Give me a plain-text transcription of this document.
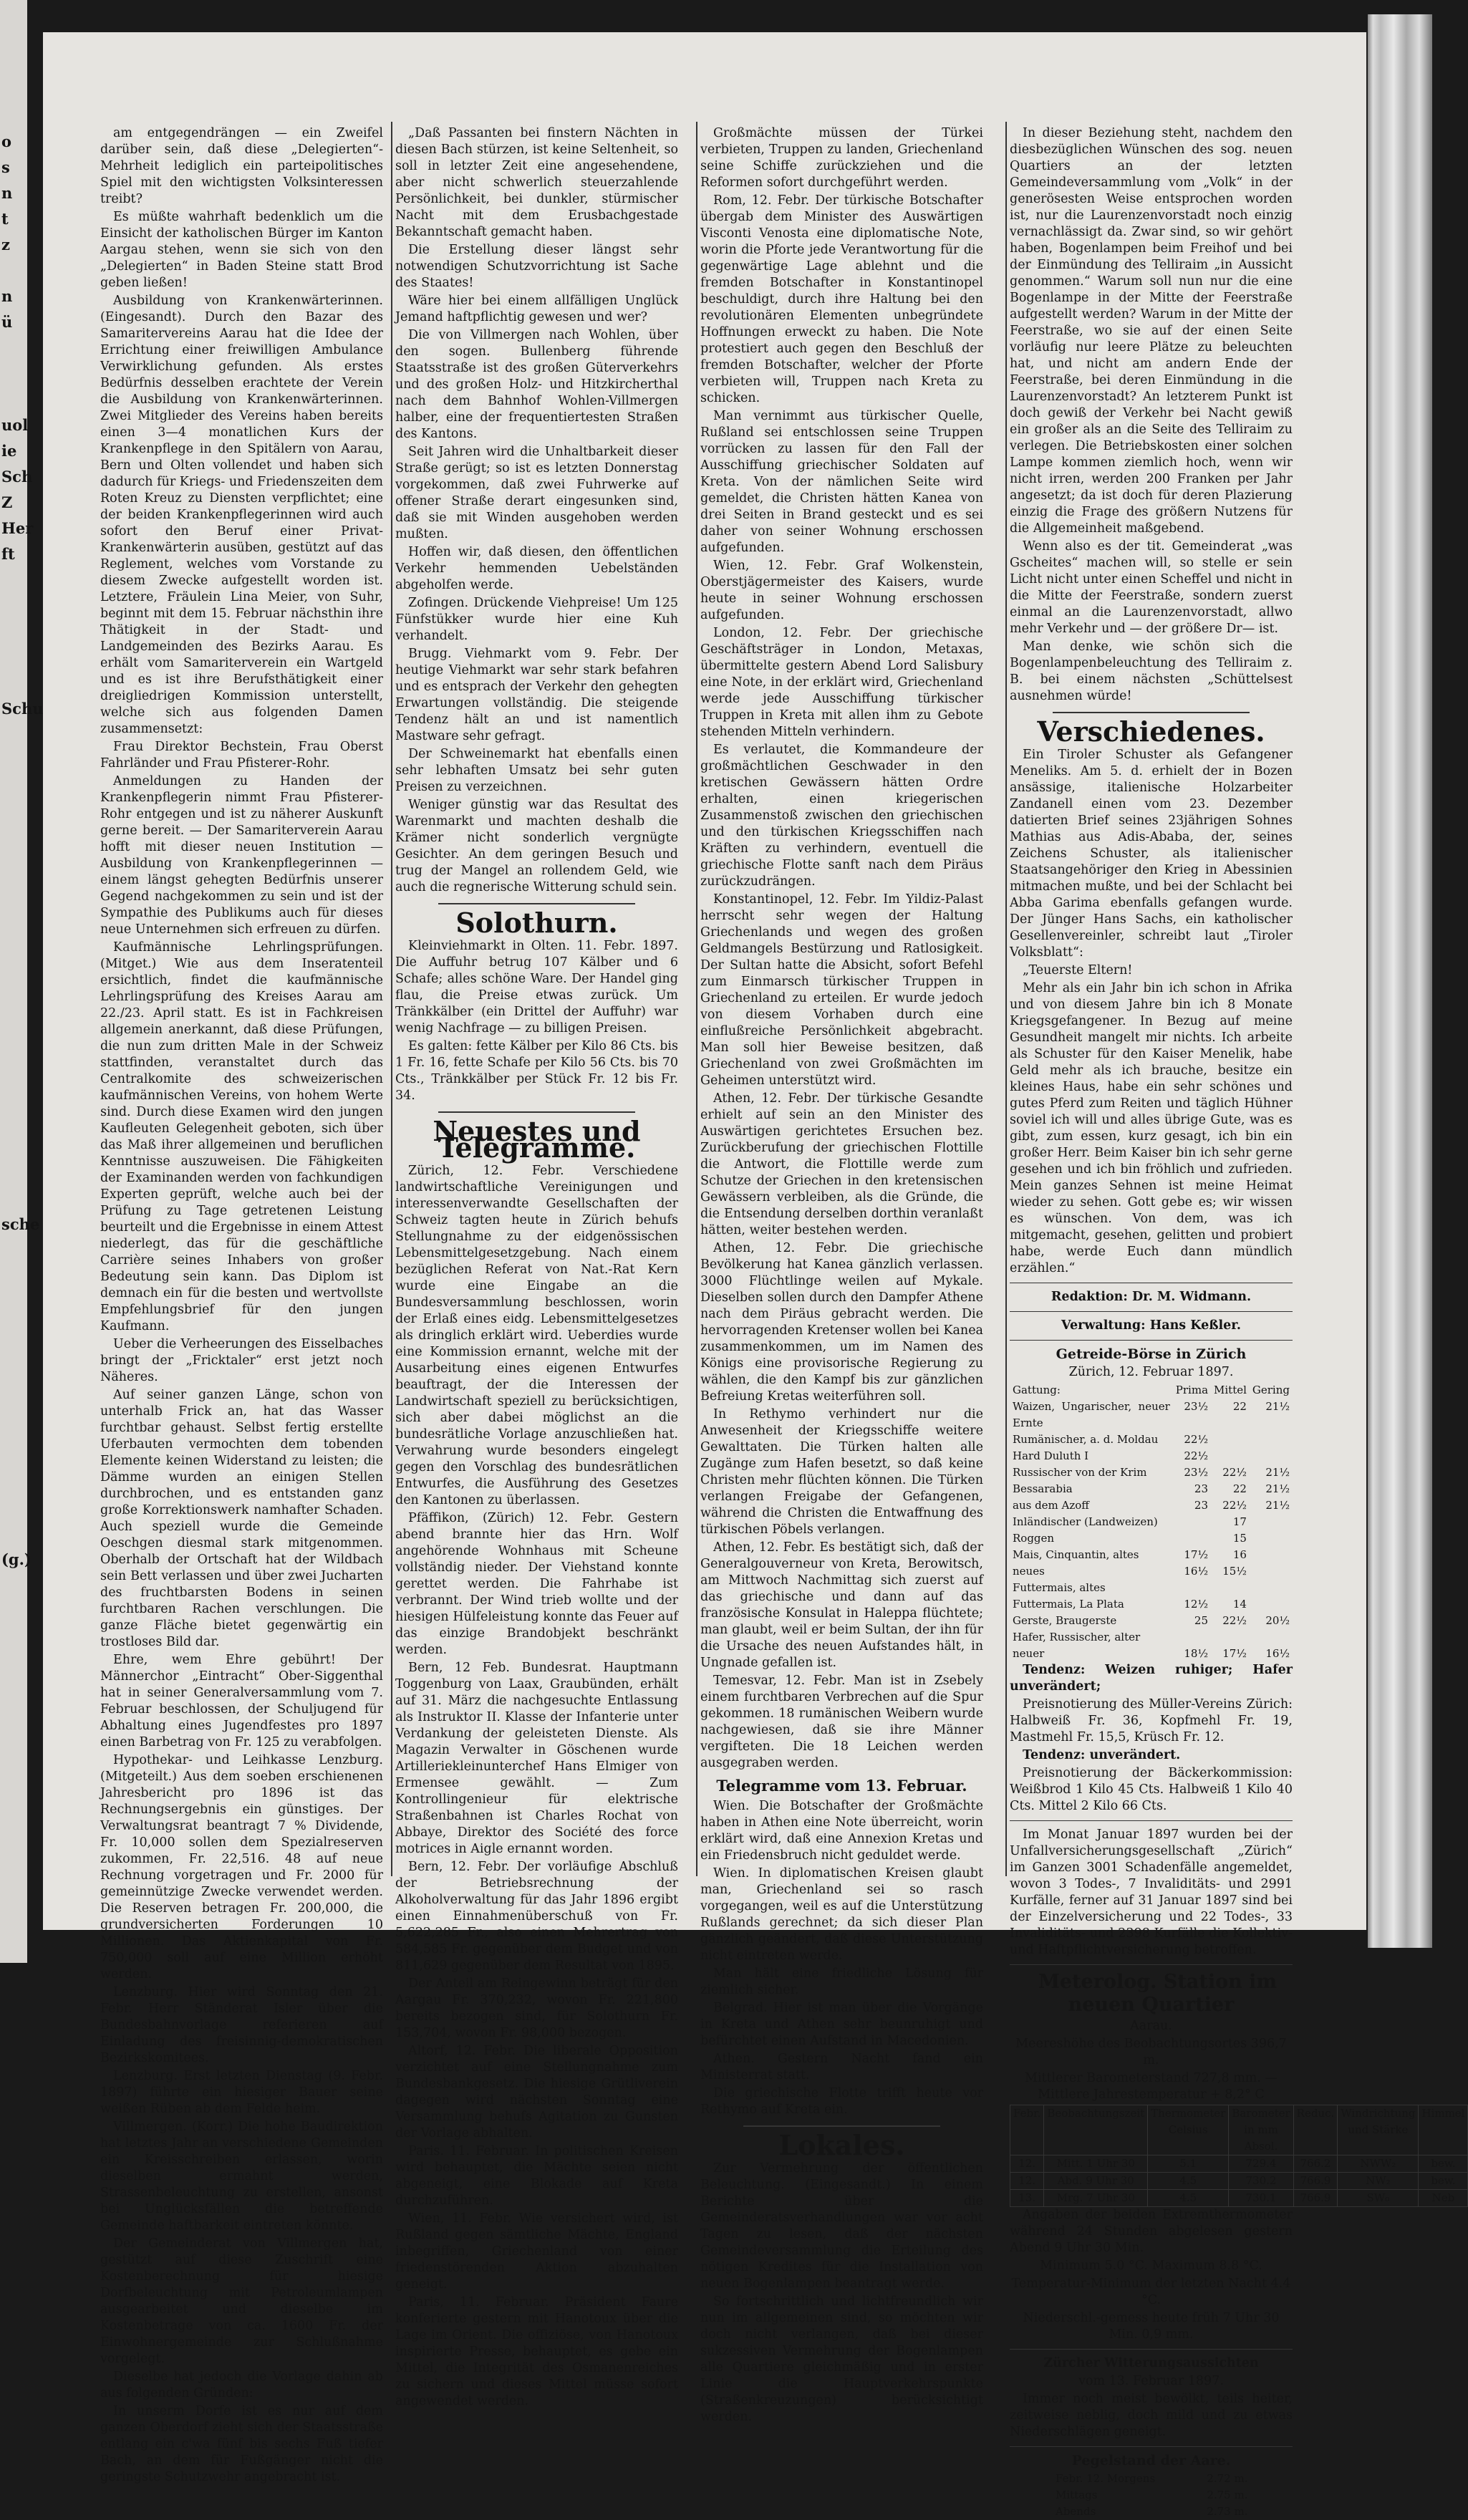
o
s
n
t
z

n
ü

uol
ie
Sch
Z
Her
ft

Schu

sche

(g.)

am entgegendrängen — ein Zweifel darüber sein, daß diese „Delegierten“-Mehrheit lediglich ein parteipolitisches Spiel mit den wichtigsten Volksinteressen treibt?

Es müßte wahrhaft bedenklich um die Einsicht der katholischen Bürger im Kanton Aargau stehen, wenn sie sich von den „Delegierten“ in Baden Steine statt Brod geben ließen!

Ausbildung von Krankenwärterinnen. (Eingesandt). Durch den Bazar des Samaritervereins Aarau hat die Idee der Errichtung einer freiwilligen Ambulance Verwirklichung gefunden. Als erstes Bedürfnis desselben erachtete der Verein die Ausbildung von Krankenwärterinnen. Zwei Mitglieder des Vereins haben bereits einen 3—4 monatlichen Kurs der Krankenpflege in den Spitälern von Aarau, Bern und Olten vollendet und haben sich dadurch für Kriegs- und Friedenszeiten dem Roten Kreuz zu Diensten verpflichtet; eine der beiden Krankenpflegerinnen wird auch sofort den Beruf einer Privat-Krankenwärterin ausüben, gestützt auf das Reglement, welches vom Vorstande zu diesem Zwecke aufgestellt worden ist. Letztere, Fräulein Lina Meier, von Suhr, beginnt mit dem 15. Februar nächsthin ihre Thätigkeit in der Stadt- und Landgemeinden des Bezirks Aarau. Es erhält vom Samariterverein ein Wartgeld und es ist ihre Berufsthätigkeit einer dreigliedrigen Kommission unterstellt, welche sich aus folgenden Damen zusammensetzt:

Frau Direktor Bechstein, Frau Oberst Fahrländer und Frau Pfisterer-Rohr.

Anmeldungen zu Handen der Krankenpflegerin nimmt Frau Pfisterer-Rohr entgegen und ist zu näherer Auskunft gerne bereit. — Der Samariterverein Aarau hofft mit dieser neuen Institution — Ausbildung von Krankenpflegerinnen — einem längst gehegten Bedürfnis unserer Gegend nachgekommen zu sein und ist der Sympathie des Publikums auch für dieses neue Unternehmen sich erfreuen zu dürfen.

Kaufmännische Lehrlingsprüfungen. (Mitget.) Wie aus dem Inseratenteil ersichtlich, findet die kaufmännische Lehrlingsprüfung des Kreises Aarau am 22./23. April statt. Es ist in Fachkreisen allgemein anerkannt, daß diese Prüfungen, die nun zum dritten Male in der Schweiz stattfinden, veranstaltet durch das Centralkomite des schweizerischen kaufmännischen Vereins, von hohem Werte sind. Durch diese Examen wird den jungen Kaufleuten Gelegenheit geboten, sich über das Maß ihrer allgemeinen und beruflichen Kenntnisse auszuweisen. Die Fähigkeiten der Examinanden werden von fachkundigen Experten geprüft, welche auch bei der Prüfung zu Tage getretenen Leistung beurteilt und die Ergebnisse in einem Attest niederlegt, das für die geschäftliche Carrière seines Inhabers von großer Bedeutung sein kann. Das Diplom ist demnach ein für die besten und wertvollste Empfehlungsbrief für den jungen Kaufmann.

Ueber die Verheerungen des Eisselbaches bringt der „Fricktaler“ erst jetzt noch Näheres.

Auf seiner ganzen Länge, schon von unterhalb Frick an, hat das Wasser furchtbar gehaust. Selbst fertig erstellte Uferbauten vermochten dem tobenden Elemente keinen Widerstand zu leisten; die Dämme wurden an einigen Stellen durchbrochen, und es entstanden ganz große Korrektionswerk namhafter Schaden. Auch speziell wurde die Gemeinde Oeschgen diesmal stark mitgenommen. Oberhalb der Ortschaft hat der Wildbach sein Bett verlassen und über zwei Jucharten des fruchtbarsten Bodens in seinen furchtbaren Rachen verschlungen. Die ganze Fläche bietet gegenwärtig ein trostloses Bild dar.

Ehre, wem Ehre gebührt! Der Männerchor „Eintracht“ Ober-Siggenthal hat in seiner Generalversammlung vom 7. Februar beschlossen, der Schuljugend für Abhaltung eines Jugendfestes pro 1897 einen Barbetrag von Fr. 125 zu verabfolgen.

Hypothekar- und Leihkasse Lenzburg. (Mitgeteilt.) Aus dem soeben erschienenen Jahresbericht pro 1896 ist das Rechnungsergebnis ein günstiges. Der Verwaltungsrat beantragt 7 % Dividende, Fr. 10,000 sollen dem Spezialreserven zukommen, Fr. 22,516. 48 auf neue Rechnung vorgetragen und Fr. 2000 für gemeinnützige Zwecke verwendet werden. Die Reserven betragen Fr. 200,000, die grundversicherten Forderungen 10 Millionen. Das Aktienkapital von Fr. 750,000 soll auf eine Million erhöht werden.

Lenzburg. Hier wird Sonntag den 21. Febr. Herr Ständerat Isler über die Bundesbahnvorlage referieren auf Einladung des freisinnig-demokratischen Bezirkskomitees.

Lenzburg. Erst letzten Dienstag (9. Febr. 1897) führte ein hiesiger Bauer seine weißen Rüben ab dem Felde heim.

Villmergen. (Korr.) Die hohe Baudirektion hat letztes Jahr an verschiedene Gemeinden ein Kreisschreiben erlassen, worin dieselben ermahnt werden, Strassenbeleuchtung zu erstellen, ansonst bei Unglücksfällen die betreffende Gemeinde haftbarkeit eintreten könnte.

Der Gemeinderat von Villmergen hat, gestützt auf diese Zuschrift eine Kostenberechnung für hiesige Dorfbeleuchtung mit Petroleumlampen ausgearbeitet und dieselbe im Kostenbetrage von ca. 1600 Fr. der Einwohnergemeinde zur Schlußnahme vorgelegt.

Dieselbe hat jedoch die Vorlage dahin ab aus folgenden Gründen:

In unserm Dorfe ist es nur auf dem ganzen Oberdorf zieht sich der Staatsstraße entlang ein c'wa fünf bis sechs Fuß tiefer Bach, an dem für Fußgänger nicht die geringste Schutzwehr angebracht ist.

„Daß Passanten bei finstern Nächten in diesen Bach stürzen, ist keine Seltenheit, so soll in letzter Zeit eine angesehendene, aber nicht schwerlich steuerzahlende Persönlichkeit, bei dunkler, stürmischer Nacht mit dem Erusbachgestade Bekanntschaft gemacht haben.

Die Erstellung dieser längst sehr notwendigen Schutzvorrichtung ist Sache des Staates!

Wäre hier bei einem allfälligen Unglück Jemand haftpflichtig gewesen und wer?

Die von Villmergen nach Wohlen, über den sogen. Bullenberg führende Staatsstraße ist des großen Güterverkehrs und des großen Holz- und Hitzkircherthal nach dem Bahnhof Wohlen-Villmergen halber, eine der frequentiertesten Straßen des Kantons.

Seit Jahren wird die Unhaltbarkeit dieser Straße gerügt; so ist es letzten Donnerstag vorgekommen, daß zwei Fuhrwerke auf offener Straße derart eingesunken sind, daß sie mit Winden ausgehoben werden mußten.

Hoffen wir, daß diesen, den öffentlichen Verkehr hemmenden Uebelständen abgeholfen werde.

Zofingen. Drückende Viehpreise! Um 125 Fünfstükker wurde hier eine Kuh verhandelt.

Brugg. Viehmarkt vom 9. Febr. Der heutige Viehmarkt war sehr stark befahren und es entsprach der Verkehr den gehegten Erwartungen vollständig. Die steigende Tendenz hält an und ist namentlich Mastware sehr gefragt.

Der Schweinemarkt hat ebenfalls einen sehr lebhaften Umsatz bei sehr guten Preisen zu verzeichnen.

Weniger günstig war das Resultat des Warenmarkt und machten deshalb die Krämer nicht sonderlich vergnügte Gesichter. An dem geringen Besuch und trug der Mangel an rollendem Geld, wie auch die regnerische Witterung schuld sein.

Solothurn.

Kleinviehmarkt in Olten. 11. Febr. 1897. Die Auffuhr betrug 107 Kälber und 6 Schafe; alles schöne Ware. Der Handel ging flau, die Preise etwas zurück. Um Tränkkälber (ein Drittel der Auffuhr) war wenig Nachfrage — zu billigen Preisen.

Es galten: fette Kälber per Kilo 86 Cts. bis 1 Fr. 16, fette Schafe per Kilo 56 Cts. bis 70 Cts., Tränkkälber per Stück Fr. 12 bis Fr. 34.

Neuestes und Telegramme.

Zürich, 12. Febr. Verschiedene landwirtschaftliche Vereinigungen und interessenverwandte Gesellschaften der Schweiz tagten heute in Zürich behufs Stellungnahme zu der eidgenössischen Lebensmittelgesetzgebung. Nach einem bezüglichen Referat von Nat.-Rat Kern wurde eine Eingabe an die Bundesversammlung beschlossen, worin der Erlaß eines eidg. Lebensmittelgesetzes als dringlich erklärt wird. Ueberdies wurde eine Kommission ernannt, welche mit der Ausarbeitung eines eigenen Entwurfes beauftragt, der die Interessen der Landwirtschaft speziell zu berücksichtigen, sich aber dabei möglichst an die bundesrätliche Vorlage anzuschließen hat. Verwahrung wurde besonders eingelegt gegen den Vorschlag des bundesrätlichen Entwurfes, die Ausführung des Gesetzes den Kantonen zu überlassen.

Pfäffikon, (Zürich) 12. Febr. Gestern abend brannte hier das Hrn. Wolf angehörende Wohnhaus mit Scheune vollständig nieder. Der Viehstand konnte gerettet werden. Die Fahrhabe ist verbrannt. Der Wind trieb wollte und der hiesigen Hülfeleistung konnte das Feuer auf das einzige Brandobjekt beschränkt werden.

Bern, 12 Feb. Bundesrat. Hauptmann Toggenburg von Laax, Graubünden, erhält auf 31. März die nachgesuchte Entlassung als Instruktor II. Klasse der Infanterie unter Verdankung der geleisteten Dienste. Als Magazin Verwalter in Göschenen wurde Artilleriekleinunterchef Hans Elmiger von Ermensee gewählt. — Zum Kontrollingenieur für elektrische Straßenbahnen ist Charles Rochat von Abbaye, Direktor des Société des force motrices in Aigle ernannt worden.

Bern, 12. Febr. Der vorläufige Abschluß der Betriebsrechnung der Alkoholverwaltung für das Jahr 1896 ergibt einen Einnahmenüberschuß von Fr. 5,622,285 Fr., also einen Mehrertrag von 584,585 Fr. gegenüber dem Budget und von 811,629 gegenüber dem Resultat von 1895.

Der Anteil am Reingewinn beträgt für den Aargau Fr. 370,232, wovon Fr. 221,800 bereits bezogen sind, für Solothurn Fr. 153,704, wovon Fr. 98,000 bezogen.

Altorf, 12. Febr. Die liberale Opposition verzichtet auf eine Stellungnahme zum Bundesbankgesetz. Die hiesige Grütliverein dagegen wird nächsten Sonntag eine Versammlung behufs Agitation zu Gunsten der Vorlage abhalten.

Paris. 11. Februar. In politischen Kreisen wird behauptet, die Mächte seien nicht abgeneigt, eine Blokade auf Kreta durchzuführen.

Wien, 11. Febr. Wie versichert wird, ist Rußland gegen sämtliche Mächte, England inbegriffen, Griechenland von einer friedenstörenden Aktion abzuhalten geneigt.

Paris, 11. Februar. Präsident Faure konferierte gestern mit Hanotoux über die Lage im Orient. Die offiziöse, von Hanotoux inspirierte Presse, behauptet, es gebe ein Mittel, die Integrität des Osmanenreiches zu sichern und dieses Mittel müsse sofort angewendet werden.

Großmächte müssen der Türkei verbieten, Truppen zu landen, Griechenland seine Schiffe zurückziehen und die Reformen sofort durchgeführt werden.

Rom, 12. Febr. Der türkische Botschafter übergab dem Minister des Auswärtigen Visconti Venosta eine diplomatische Note, worin die Pforte jede Verantwortung für die gegenwärtige Lage ablehnt und die fremden Botschafter in Konstantinopel beschuldigt, durch ihre Haltung bei den revolutionären Elementen unbegründete Hoffnungen erweckt zu haben. Die Note protestiert auch gegen den Beschluß der fremden Botschafter, welcher der Pforte verbieten will, Truppen nach Kreta zu schicken.

Man vernimmt aus türkischer Quelle, Rußland sei entschlossen seine Truppen vorrücken zu lassen für den Fall der Ausschiffung griechischer Soldaten auf Kreta. Von der nämlichen Seite wird gemeldet, die Christen hätten Kanea von drei Seiten in Brand gesteckt und es sei daher von seiner Wohnung erschossen aufgefunden.

Wien, 12. Febr. Graf Wolkenstein, Oberstjägermeister des Kaisers, wurde heute in seiner Wohnung erschossen aufgefunden.

London, 12. Febr. Der griechische Geschäftsträger in London, Metaxas, übermittelte gestern Abend Lord Salisbury eine Note, in der erklärt wird, Griechenland werde jede Ausschiffung türkischer Truppen in Kreta mit allen ihm zu Gebote stehenden Mitteln verhindern.

Es verlautet, die Kommandeure der großmächtlichen Geschwader in den kretischen Gewässern hätten Ordre erhalten, einen kriegerischen Zusammenstoß zwischen den griechischen und den türkischen Kriegsschiffen nach Kräften zu verhindern, eventuell die griechische Flotte sanft nach dem Piräus zurückzudrängen.

Konstantinopel, 12. Febr. Im Yildiz-Palast herrscht sehr wegen der Haltung Griechenlands und wegen des großen Geldmangels Bestürzung und Ratlosigkeit. Der Sultan hatte die Absicht, sofort Befehl zum Einmarsch türkischer Truppen in Griechenland zu erteilen. Er wurde jedoch von diesem Vorhaben durch eine einflußreiche Persönlichkeit abgebracht. Man soll hier Beweise besitzen, daß Griechenland von zwei Großmächten im Geheimen unterstützt wird.

Athen, 12. Febr. Der türkische Gesandte erhielt auf sein an den Minister des Auswärtigen gerichtetes Ersuchen bez. Zurückberufung der griechischen Flottille die Antwort, die Flottille werde zum Schutze der Griechen in den kretensischen Gewässern verbleiben, als die Gründe, die die Entsendung derselben dorthin veranlaßt hätten, weiter bestehen werden.

Athen, 12. Febr. Die griechische Bevölkerung hat Kanea gänzlich verlassen. 3000 Flüchtlinge weilen auf Mykale. Dieselben sollen durch den Dampfer Athene nach dem Piräus gebracht werden. Die hervorragenden Kretenser wollen bei Kanea zusammenkommen, um im Namen des Königs eine provisorische Regierung zu wählen, die den Kampf bis zur gänzlichen Befreiung Kretas weiterführen soll.

In Rethymo verhindert nur die Anwesenheit der Kriegsschiffe weitere Gewalttaten. Die Türken halten alle Zugänge zum Hafen besetzt, so daß keine Christen mehr flüchten können. Die Türken verlangen Freigabe der Gefangenen, während die Christen die Entwaffnung des türkischen Pöbels verlangen.

Athen, 12. Febr. Es bestätigt sich, daß der Generalgouverneur von Kreta, Berowitsch, am Mittwoch Nachmittag sich zuerst auf das griechische und dann auf das französische Konsulat in Haleppa flüchtete; man glaubt, weil er beim Sultan, der ihn für die Ursache des neuen Aufstandes hält, in Ungnade gefallen ist.

Temesvar, 12. Febr. Man ist in Zsebely einem furchtbaren Verbrechen auf die Spur gekommen. 18 rumänischen Weibern wurde nachgewiesen, daß sie ihre Männer vergifteten. Die 18 Leichen werden ausgegraben werden.

Telegramme vom 13. Februar.

Wien. Die Botschafter der Großmächte haben in Athen eine Note überreicht, worin erklärt wird, daß eine Annexion Kretas und ein Friedensbruch nicht geduldet werde.

Wien. In diplomatischen Kreisen glaubt man, Griechenland sei so rasch vorgegangen, weil es auf die Unterstützung Rußlands gerechnet; da sich dieser Plan gänzlich geändert, daß diese Unterstützung nicht eintreten werde.

Man hält eine friedliche Lösung für ziemlich sicher.

Belgrad. Hier ist man über die Vorgänge in Kreta und Athen sehr beunruhigt und befürchtet einen Aufstand in Macedonien.

Athen. Gestern Nacht fand ein Ministerrat statt.

Die griechische Flotte trifft heute vor Rethymo auf Kreta ein.

Lokales.

Zur Vermehrung der öffentlichen Beleuchtung. (Eingesandt.) In einem Berichte über die Gemeinderatsverhandlungen war vor acht Tagen zu lesen, daß der nächsten Gemeindeversammlung die Erteilung des nötigen Kredites für die Installation von neuen Bogenlampen beantragt werde.

So fortschrittlich und lichtfreundlich wir nun im allgemeinen sind, so möchten wir doch nicht verlangen, daß bei dieser sukzessiven Vermehrung der Bogenlampen alle Quartiere gleichmäßig und in erster Linie die Hauptverkehrspunkte (Straßenkreuzungen) berücksichtigt werden.

In dieser Beziehung steht, nachdem den diesbezüglichen Wünschen des sog. neuen Quartiers an der letzten Gemeindeversammlung vom „Volk“ in der generösesten Weise entsprochen worden ist, nur die Laurenzenvorstadt noch einzig vernachlässigt da. Zwar sind, so wir gehört haben, Bogenlampen beim Freihof und bei der Einmündung des Telliraim „in Aussicht genommen.“ Warum soll nun nur die eine Bogenlampe in der Mitte der Feerstraße aufgestellt werden? Warum in der Mitte der Feerstraße, wo sie auf der einen Seite vorläufig nur leere Plätze zu beleuchten hat, und nicht am andern Ende der Feerstraße, bei deren Einmündung in die Laurenzenvorstadt? An letzterem Punkt ist doch gewiß der Verkehr bei Nacht gewiß ein großer als an die Seite des Telliraim zu verlegen. Die Betriebskosten einer solchen Lampe kommen ziemlich hoch, wenn wir nicht irren, werden 200 Franken per Jahr angesetzt; da ist doch für deren Plazierung einzig die Frage des größern Nutzens für die Allgemeinheit maßgebend.

Wenn also es der tit. Gemeinderat „was Gscheites“ machen will, so stelle er sein Licht nicht unter einen Scheffel und nicht in die Mitte der Feerstraße, sondern zuerst einmal an die Laurenzenvorstadt, allwo mehr Verkehr und — der größere Dr— ist.

Man denke, wie schön sich die Bogenlampenbeleuchtung des Telliraim z. B. bei einem nächsten „Schüttelsest ausnehmen würde!

Verschiedenes.

Ein Tiroler Schuster als Gefangener Meneliks. Am 5. d. erhielt der in Bozen ansässige, italienische Holzarbeiter Zandanell einen vom 23. Dezember datierten Brief seines 23jährigen Sohnes Mathias aus Adis-Ababa, der, seines Zeichens Schuster, als italienischer Staatsangehöriger den Krieg in Abessinien mitmachen mußte, und bei der Schlacht bei Abba Garima ebenfalls gefangen wurde. Der Jünger Hans Sachs, ein katholischer Gesellenvereinler, schreibt laut „Tiroler Volksblatt“:

„Teuerste Eltern!

Mehr als ein Jahr bin ich schon in Afrika und von diesem Jahre bin ich 8 Monate Kriegsgefangener. In Bezug auf meine Gesundheit mangelt mir nichts. Ich arbeite als Schuster für den Kaiser Menelik, habe Geld mehr als ich brauche, besitze ein kleines Haus, habe ein sehr schönes und gutes Pferd zum Reiten und täglich Hühner soviel ich will und alles übrige Gute, was es gibt, zum essen, kurz gesagt, ich bin ein großer Herr. Beim Kaiser bin ich sehr gerne gesehen und ich bin fröhlich und zufrieden. Mein ganzes Sehnen ist meine Heimat wieder zu sehen. Gott gebe es; wir wissen es wünschen. Von dem, was ich mitgemacht, gesehen, gelitten und probiert habe, werde Euch dann mündlich erzählen.“

Redaktion: Dr. M. Widmann.

Verwaltung: Hans Keßler.

Getreide-Börse in Zürich

Zürich, 12. Februar 1897.

Gattung:	Prima	Mittel	Gering
Waizen, Ungarischer, neuer Ernte	23½	22	21½
Rumänischer, a. d. Moldau	22½		
Hard Duluth I	22½		
Russischer von der Krim	23½	22½	21½
Bessarabia	23	22	21½
aus dem Azoff	23	22½	21½
Inländischer (Landweizen)		17	
Roggen		15	
Mais, Cinquantin, altes	17½	16	
neues	16½	15½	
Futtermais, altes			
Futtermais, La Plata	12½	14	
Gerste, Braugerste	25	22½	20½
Hafer, Russischer, alter			
neuer	18½	17½	16½

Tendenz: Weizen ruhiger; Hafer unverändert;

Preisnotierung des Müller-Vereins Zürich: Halbweiß Fr. 36, Kopfmehl Fr. 19, Mastmehl Fr. 15,5, Krüsch Fr. 12.

Tendenz: unverändert.

Preisnotierung der Bäckerkommission: Weißbrod 1 Kilo 45 Cts. Halbweiß 1 Kilo 40 Cts. Mittel 2 Kilo 66 Cts.

Im Monat Januar 1897 wurden bei der Unfallversicherungsgesellschaft „Zürich“ im Ganzen 3001 Schadenfälle angemeldet, wovon 3 Todes-, 7 Invaliditäts- und 2991 Kurfälle, ferner auf 31 Januar 1897 sind bei der Einzelversicherung und 22 Todes-, 33 Invaliditäts- und 2398 Kurfälle die Kollektiv- und Haftpflichtversicherung betroffen.

Meterolog. Station im neuen Quartier

Aarau.

Meereshöhe des Beobachtungsortes 396,7 m.

Mittlerer Barometerstand 727,8 mm. — Mittlere Jahrestemperatur + 8,2° C

Febr.	Beobachtungszeit	Thermometer Celsius	Barometer in mm Absol.	Reduc.	Windrichtung und Stärke	Himmel
12.	Mitt. 1 Uhr 30	5.1	729.4	766.2	NWW₂	bew.
12.	Abd. 9 Uhr 30	4.5	730.2	766.9	NW₂	bew.
13.	Mrg. 7 Uhr 30	4.5	730.1	766.9	SW₀	Neb

Angaben der beiden Extremthermometer während 24 Stunden abgelesen gestern Abend 9 Uhr 30 Min.

Minimum 5.0 °C. Maximum 8.8 °C.

Temperatur-Minimum der letzten Nacht 4.4 °C.

Niederschl.-gemess heute früh 7 Uhr 30 Min. 0,9 mm.

Zürcher Witterungsaussichten

vom 13. Februar 1897.

Immer noch meist bewölkt, teils heiter, zeitweise neblig, doch mild und zu etwas Niederschlägen geneigt.

Pegelstand der Aare.

Febr. 12. Morgens	2.72 m.
Mittags	2.75 m.
Abends	2.73 m.
